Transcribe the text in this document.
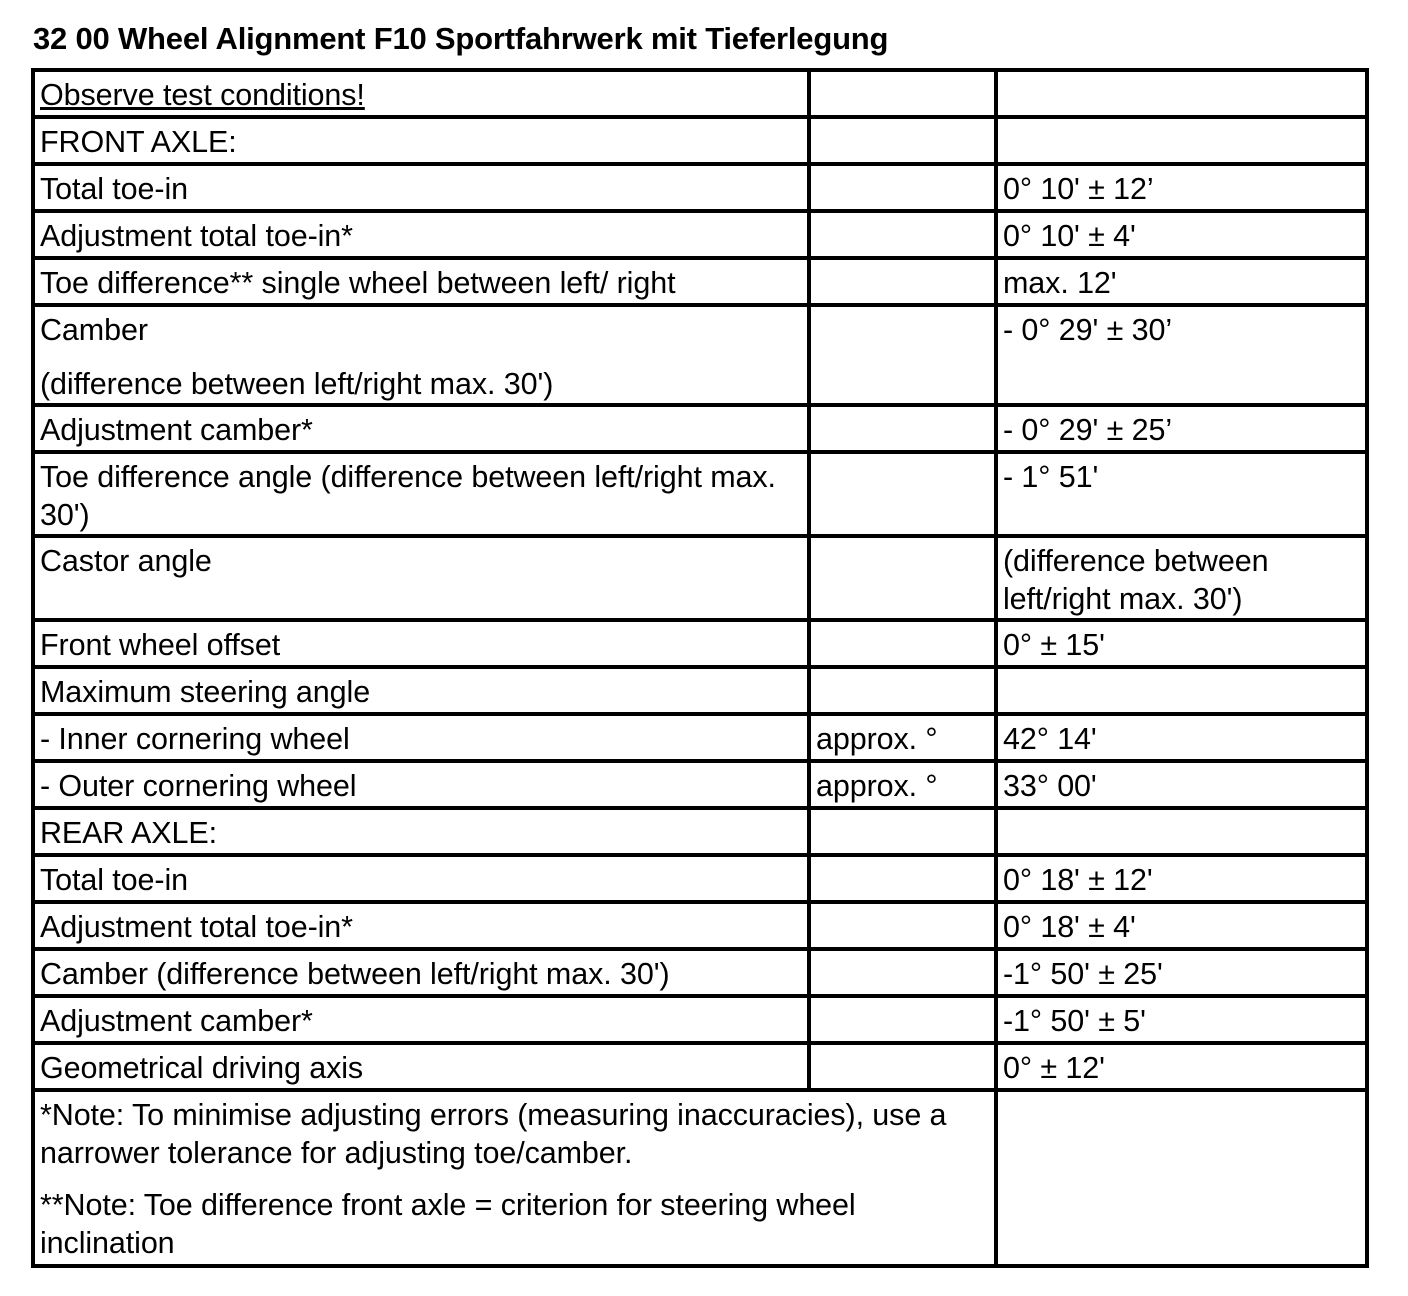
32 00 Wheel Alignment F10 Sportfahrwerk mit Tieferlegung
Observe test conditions!		
FRONT AXLE:		
Total toe-in		0° 10' ± 12’
Adjustment total toe-in*		0° 10' ± 4'
Toe difference** single wheel between left/ right		max. 12'

Camber
(difference between left/right max. 30')		- 0° 29' ± 30’
Adjustment camber*		- 0° 29' ± 25’
Toe difference angle (difference between left/right max. 30')		- 1° 51'
Castor angle		(difference between left/right max. 30')
Front wheel offset		0° ± 15'
Maximum steering angle		
- Inner cornering wheel	approx. °	42° 14'
- Outer cornering wheel	approx. °	33° 00'
REAR AXLE:		
Total toe-in		0° 18' ± 12'
Adjustment total toe-in*		0° 18' ± 4'
Camber (difference between left/right max. 30')		-1° 50' ± 25'
Adjustment camber*		-1° 50' ± 5'
Geometrical driving axis		0° ± 12'

*Note: To minimise adjusting errors (measuring inaccuracies), use a narrower tolerance for adjusting toe/camber.
**Note: Toe difference front axle = criterion for steering wheel inclination		
